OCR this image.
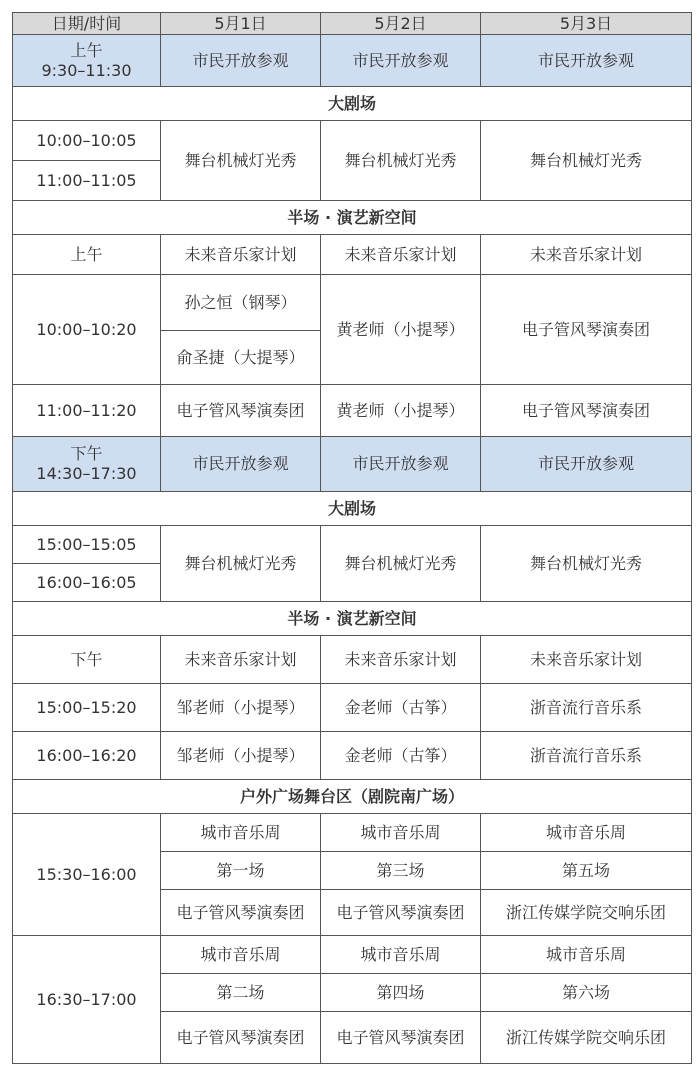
日期/时间	5月1日	5月2日	5月3日

上午
9:30–11:30	市民开放参观	市民开放参观	市民开放参观
大剧场			
10:00–10:05	舞台机械灯光秀	舞台机械灯光秀	舞台机械灯光秀
11:00–11:05			
半场 · 演艺新空间			
上午	未来音乐家计划	未来音乐家计划	未来音乐家计划
10:00–10:20	孙之恒（钢琴）	黄老师（小提琴）	电子管风琴演奏团
	俞圣捷（大提琴）		
11:00–11:20	电子管风琴演奏团	黄老师（小提琴）	电子管风琴演奏团

下午
14:30–17:30	市民开放参观	市民开放参观	市民开放参观
大剧场			
15:00–15:05	舞台机械灯光秀	舞台机械灯光秀	舞台机械灯光秀
16:00–16:05			
半场 · 演艺新空间			
下午	未来音乐家计划	未来音乐家计划	未来音乐家计划
15:00–15:20	邹老师（小提琴）	金老师（古筝）	浙音流行音乐系
16:00–16:20	邹老师（小提琴）	金老师（古筝）	浙音流行音乐系
户外广场舞台区（剧院南广场）			
15:30–16:00	城市音乐周	城市音乐周	城市音乐周
	第一场	第三场	第五场
	电子管风琴演奏团	电子管风琴演奏团	浙江传媒学院交响乐团
16:30–17:00	城市音乐周	城市音乐周	城市音乐周
	第二场	第四场	第六场
	电子管风琴演奏团	电子管风琴演奏团	浙江传媒学院交响乐团
